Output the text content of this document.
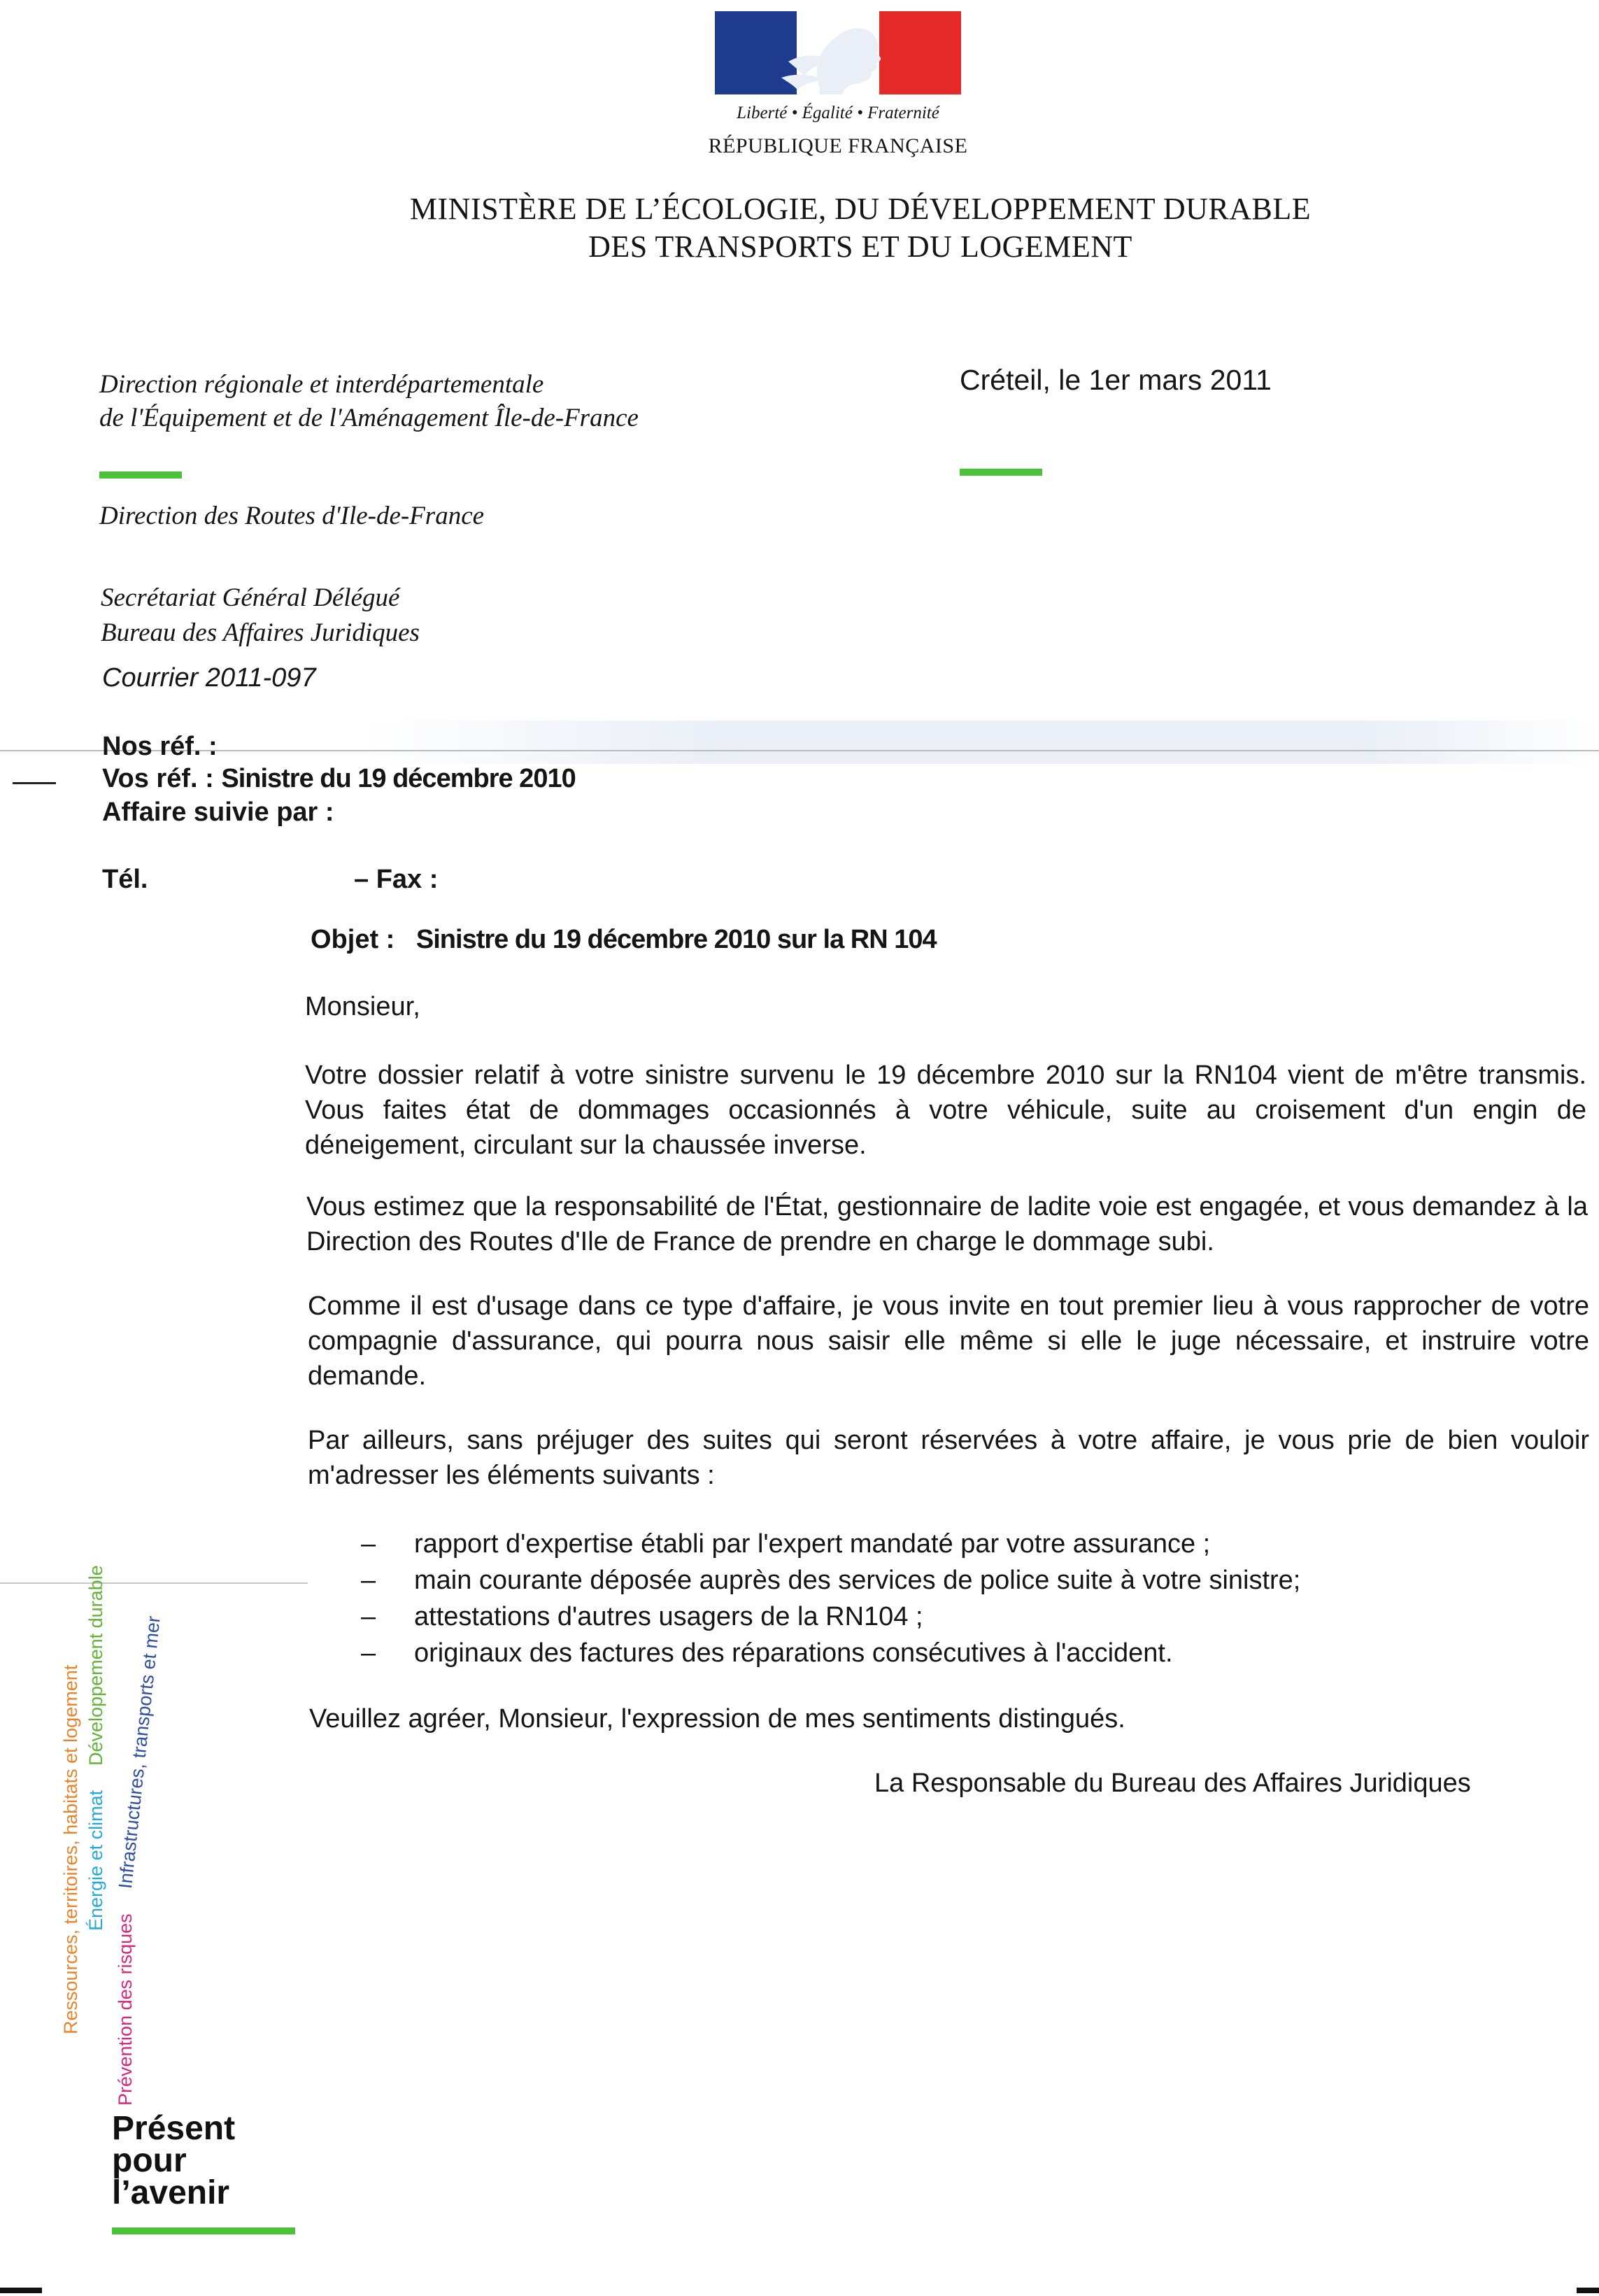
Liberté • Égalité • Fraternité
RÉPUBLIQUE FRANÇAISE
MINISTÈRE DE L’ÉCOLOGIE, DU DÉVELOPPEMENT DURABLE
DES TRANSPORTS ET DU LOGEMENT
Direction régionale et interdépartementale
de l'Équipement et de l'Aménagement Île-de-France
Direction des Routes d'Ile-de-France
Secrétariat Général Délégué
Bureau des Affaires Juridiques
Courrier 2011-097
Créteil, le 1er mars 2011
Nos réf. :
Vos réf. : Sinistre du 19 décembre 2010
Affaire suivie par :
Tél.	– Fax :
Objet : Sinistre du 19 décembre 2010 sur la RN 104
Monsieur,
Votre dossier relatif à votre sinistre survenu le 19 décembre 2010 sur la RN104 vient de m'être transmis. Vous faites état de dommages occasionnés à votre véhicule, suite au croisement d'un engin de déneigement, circulant sur la chaussée inverse.
Vous estimez que la responsabilité de l'État, gestionnaire de ladite voie est engagée, et vous demandez à la Direction des Routes d'Ile de France de prendre en charge le dommage subi.
Comme il est d'usage dans ce type d'affaire, je vous invite en tout premier lieu à vous rapprocher de votre compagnie d'assurance, qui pourra nous saisir elle même si elle le juge nécessaire, et instruire votre demande.
Par ailleurs, sans préjuger des suites qui seront réservées à votre affaire, je vous prie de bien vouloir m'adresser les éléments suivants :
– rapport d'expertise établi par l'expert mandaté par votre assurance ;
– main courante déposée auprès des services de police suite à votre sinistre;
– attestations d'autres usagers de la RN104 ;
– originaux des factures des réparations consécutives à l'accident.
Veuillez agréer, Monsieur, l'expression de mes sentiments distingués.
La Responsable du Bureau des Affaires Juridiques
Ressources, territoires, habitats et logement Énergie et climat
Développement durable
Prévention des risques
Infrastructures, transports et mer
Présent
pour
l’avenir
